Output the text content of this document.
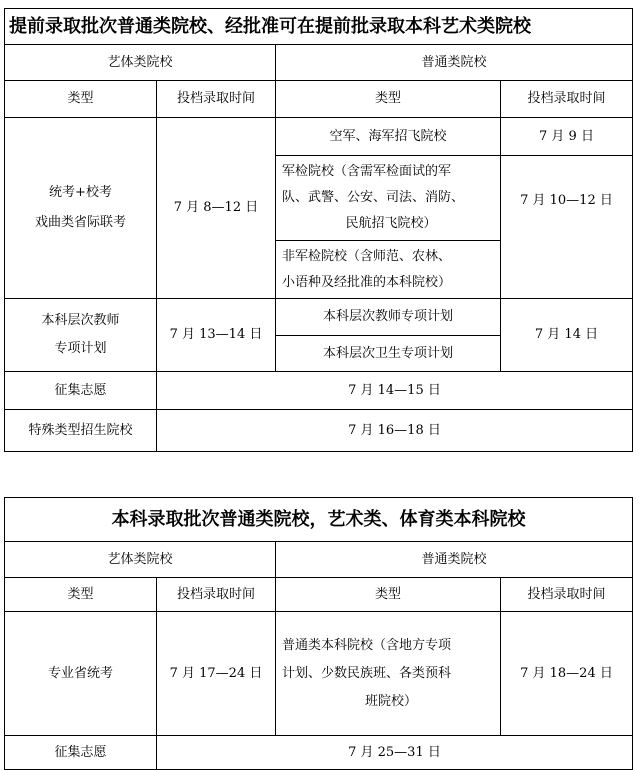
提前录取批次普通类院校、经批准可在提前批录取本科艺术类院校			
艺体类院校		普通类院校	
类型	投档录取时间	类型	投档录取时间

统考+校考
戏曲类省际联考	7 月 8—12 日	空军、海军招飞院校	7 月 9 日

		军检院校（含需军检面试的军
队、武警、公安、司法、消防、
民航招飞院校）	7 月 10—12 日

		非军检院校（含师范、农林、
小语种及经批准的本科院校）	

本科层次教师
专项计划	7 月 13—14 日	本科层次教师专项计划	7 月 14 日
		本科层次卫生专项计划	
征集志愿	7 月 14—15 日		
特殊类型招生院校	7 月 16—18 日		
本科录取批次普通类院校，艺术类、体育类本科院校			
艺体类院校		普通类院校	
类型	投档录取时间	类型	投档录取时间
专业省统考	7 月 17—24 日	普通类本科院校（含地方专项
计划、少数民族班、各类预科
班院校）	7 月 18—24 日
征集志愿	7 月 25—31 日		
